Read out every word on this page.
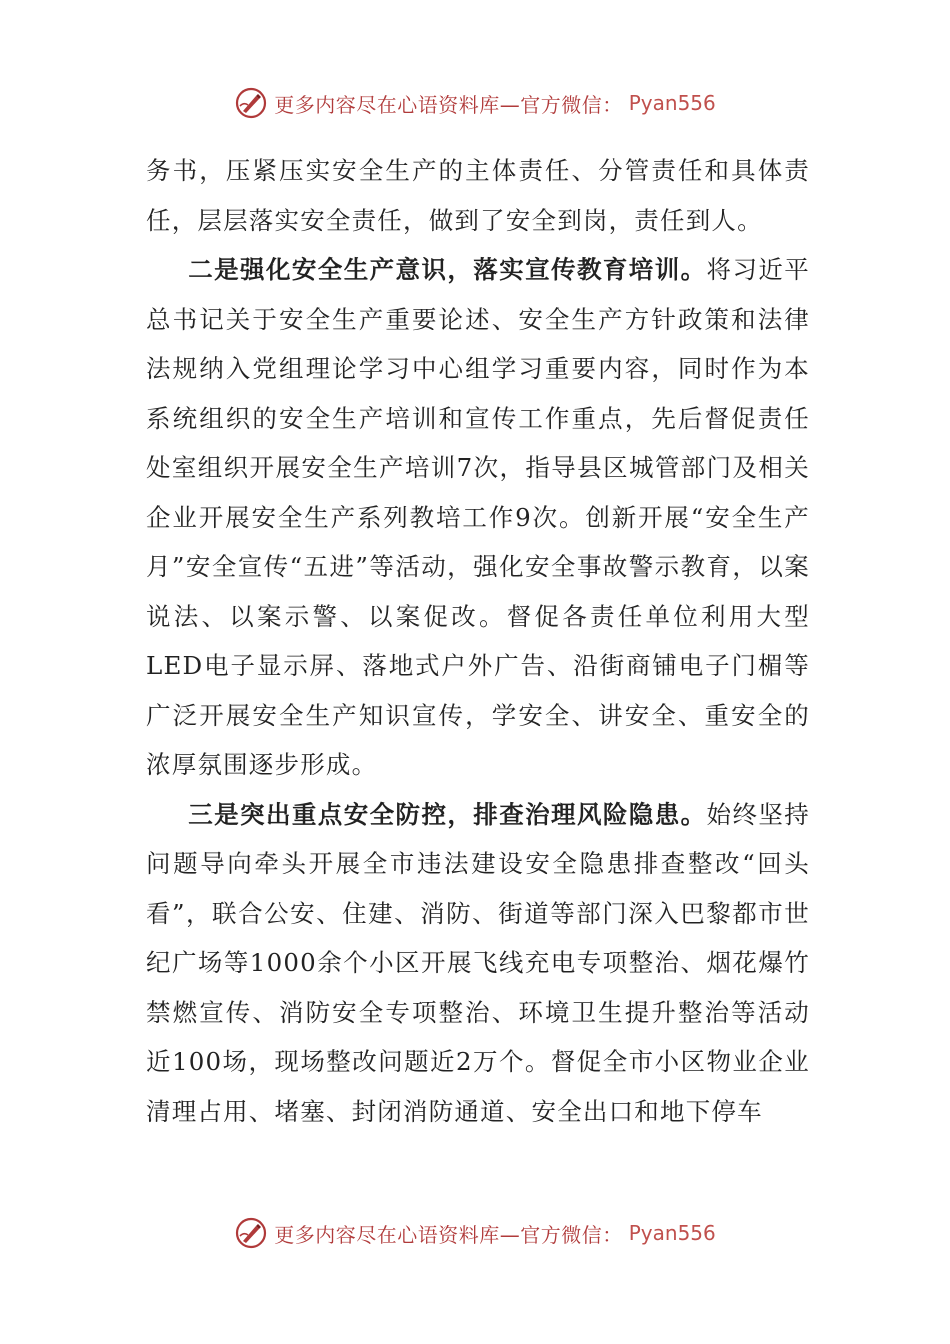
更多内容尽在心语资料库—官方微信： Pyan556

务书，压紧压实安全生产的主体责任、分管责任和具体责任，层层落实安全责任，做到了安全到岗，责任到人。

二是强化安全生产意识，落实宣传教育培训。将习近平总书记关于安全生产重要论述、安全生产方针政策和法律法规纳入党组理论学习中心组学习重要内容，同时作为本系统组织的安全生产培训和宣传工作重点，先后督促责任处室组织开展安全生产培训7次，指导县区城管部门及相关企业开展安全生产系列教培工作9次。创新开展“安全生产月”安全宣传“五进”等活动，强化安全事故警示教育，以案说法、以案示警、以案促改。督促各责任单位利用大型LED电子显示屏、落地式户外广告、沿街商铺电子门楣等广泛开展安全生产知识宣传，学安全、讲安全、重安全的浓厚氛围逐步形成。

三是突出重点安全防控，排查治理风险隐患。始终坚持问题导向牵头开展全市违法建设安全隐患排查整改“回头看”，联合公安、住建、消防、街道等部门深入巴黎都市世纪广场等1000余个小区开展飞线充电专项整治、烟花爆竹禁燃宣传、消防安全专项整治、环境卫生提升整治等活动近100场，现场整改问题近2万个。督促全市小区物业企业清理占用、堵塞、封闭消防通道、安全出口和地下停车

更多内容尽在心语资料库—官方微信： Pyan556
